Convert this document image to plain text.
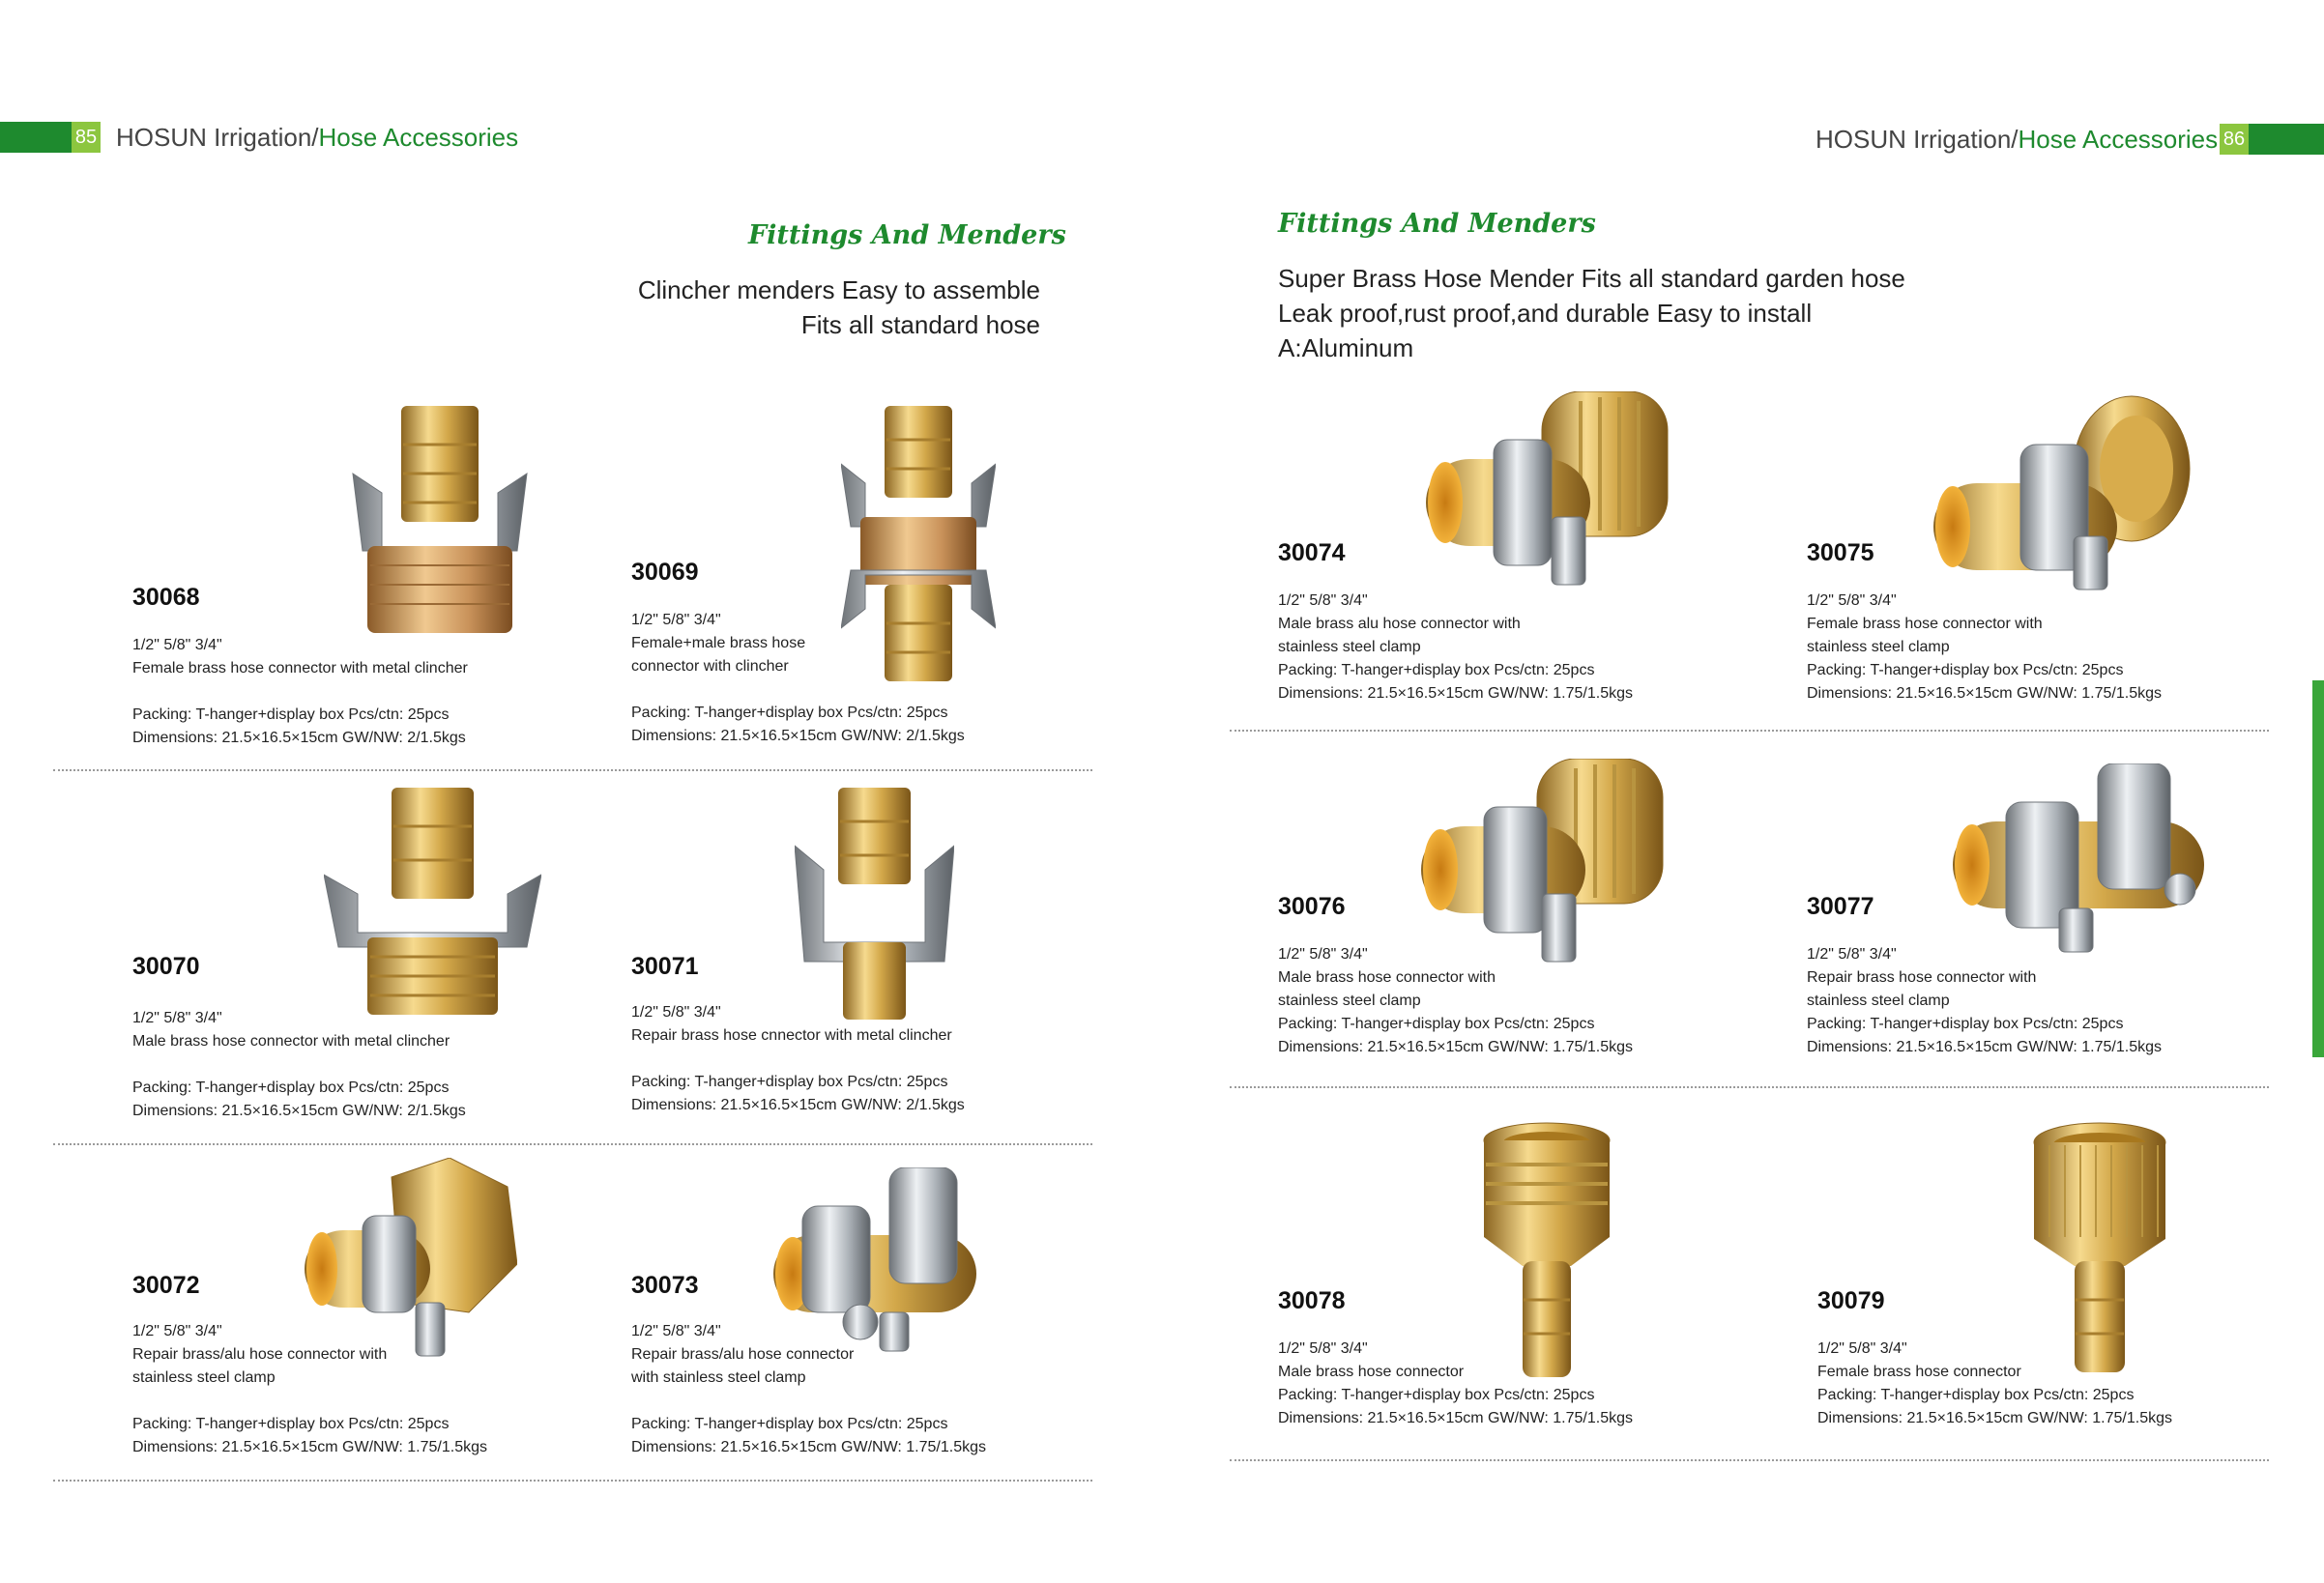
85 HOSUN Irrigation/Hose Accessories	HOSUN Irrigation/Hose Accessories 86
Fittings And Menders
Clincher menders Easy to assemble
Fits all standard hose
Fittings And Menders
Super Brass Hose Mender Fits all standard garden hose
Leak proof,rust proof,and durable Easy to install
A:Aluminum
30068
1/2" 5/8" 3/4"
Female brass hose connector with metal clincher
Packing: T-hanger+display box Pcs/ctn: 25pcs
Dimensions: 21.5×16.5×15cm GW/NW: 2/1.5kgs
30069
1/2" 5/8" 3/4"
Female+male brass hose
connector with clincher
Packing: T-hanger+display box Pcs/ctn: 25pcs
Dimensions: 21.5×16.5×15cm GW/NW: 2/1.5kgs
30070
1/2" 5/8" 3/4"
Male brass hose connector with metal clincher
Packing: T-hanger+display box Pcs/ctn: 25pcs
Dimensions: 21.5×16.5×15cm GW/NW: 2/1.5kgs
30071
1/2" 5/8" 3/4"
Repair brass hose cnnector with metal clincher
Packing: T-hanger+display box Pcs/ctn: 25pcs
Dimensions: 21.5×16.5×15cm GW/NW: 2/1.5kgs
30072
1/2" 5/8" 3/4"
Repair brass/alu hose connector with
stainless steel clamp
Packing: T-hanger+display box Pcs/ctn: 25pcs
Dimensions: 21.5×16.5×15cm GW/NW: 1.75/1.5kgs
30073
1/2" 5/8" 3/4"
Repair brass/alu hose connector
with stainless steel clamp
Packing: T-hanger+display box Pcs/ctn: 25pcs
Dimensions: 21.5×16.5×15cm GW/NW: 1.75/1.5kgs
30074
1/2" 5/8" 3/4"
Male brass alu hose connector with
stainless steel clamp
Packing: T-hanger+display box Pcs/ctn: 25pcs
Dimensions: 21.5×16.5×15cm GW/NW: 1.75/1.5kgs
30075
1/2" 5/8" 3/4"
Female brass hose connector with
stainless steel clamp
Packing: T-hanger+display box Pcs/ctn: 25pcs
Dimensions: 21.5×16.5×15cm GW/NW: 1.75/1.5kgs
30076
1/2" 5/8" 3/4"
Male brass hose connector with
stainless steel clamp
Packing: T-hanger+display box Pcs/ctn: 25pcs
Dimensions: 21.5×16.5×15cm GW/NW: 1.75/1.5kgs
30077
1/2" 5/8" 3/4"
Repair brass hose connector with
stainless steel clamp
Packing: T-hanger+display box Pcs/ctn: 25pcs
Dimensions: 21.5×16.5×15cm GW/NW: 1.75/1.5kgs
30078
1/2" 5/8" 3/4"
Male brass hose connector
Packing: T-hanger+display box Pcs/ctn: 25pcs
Dimensions: 21.5×16.5×15cm GW/NW: 1.75/1.5kgs
30079
1/2" 5/8" 3/4"
Female brass hose connector
Packing: T-hanger+display box Pcs/ctn: 25pcs
Dimensions: 21.5×16.5×15cm GW/NW: 1.75/1.5kgs
